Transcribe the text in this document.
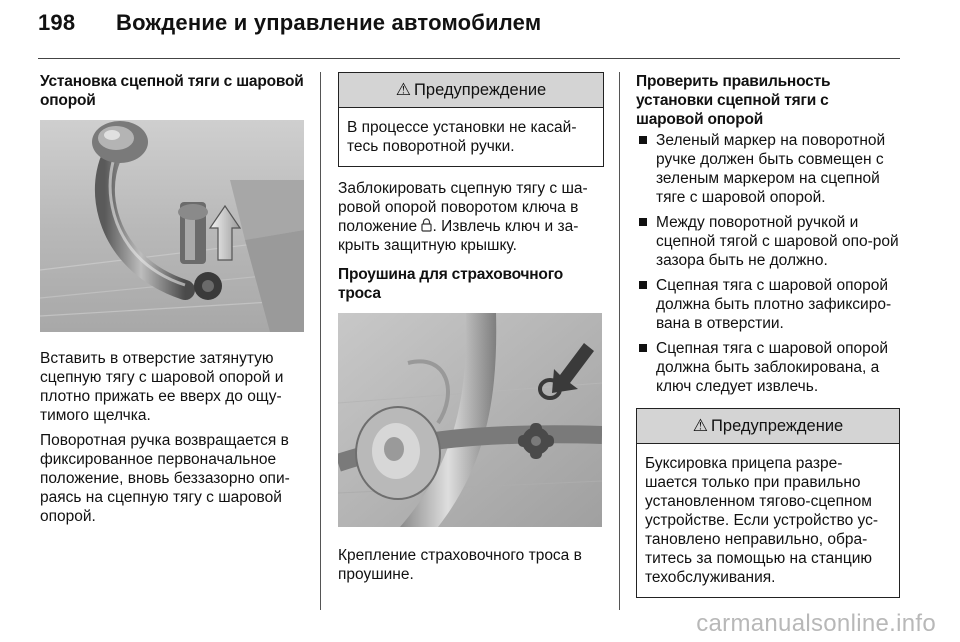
198 Вождение и управление автомобилем
Установка сцепной тяги с шаровой опорой

Вставить в отверстие затянутую сцепную тягу с шаровой опорой и плотно прижать ее вверх до ощу-тимого щелчка.

Поворотная ручка возвращается в фиксированное первоначальное положение, вновь беззазорно опи-раясь на сцепную тягу с шаровой опорой.

⚠ Предупреждение
В процессе установки не касай-тесь поворотной ручки.

Заблокировать сцепную тягу с ша-ровой опорой поворотом ключа в положение . Извлечь ключ и за-крыть защитную крышку.

Проушина для страховочного троса

Крепление страховочного троса в проушине.

Проверить правильность установки сцепной тяги с шаровой опорой
Зеленый маркер на поворотной ручке должен быть совмещен с зеленым маркером на сцепной тяге с шаровой опорой.
Между поворотной ручкой и сцепной тягой с шаровой опо-рой зазора быть не должно.
Сцепная тяга с шаровой опорой должна быть плотно зафиксиро-вана в отверстии.
Сцепная тяга с шаровой опорой должна быть заблокирована, а ключ следует извлечь.
⚠ Предупреждение
Буксировка прицепа разре-шается только при правильно установленном тягово-сцепном устройстве. Если устройство ус-тановлено неправильно, обра-титесь за помощью на станцию техобслуживания.
carmanualsonline.info
